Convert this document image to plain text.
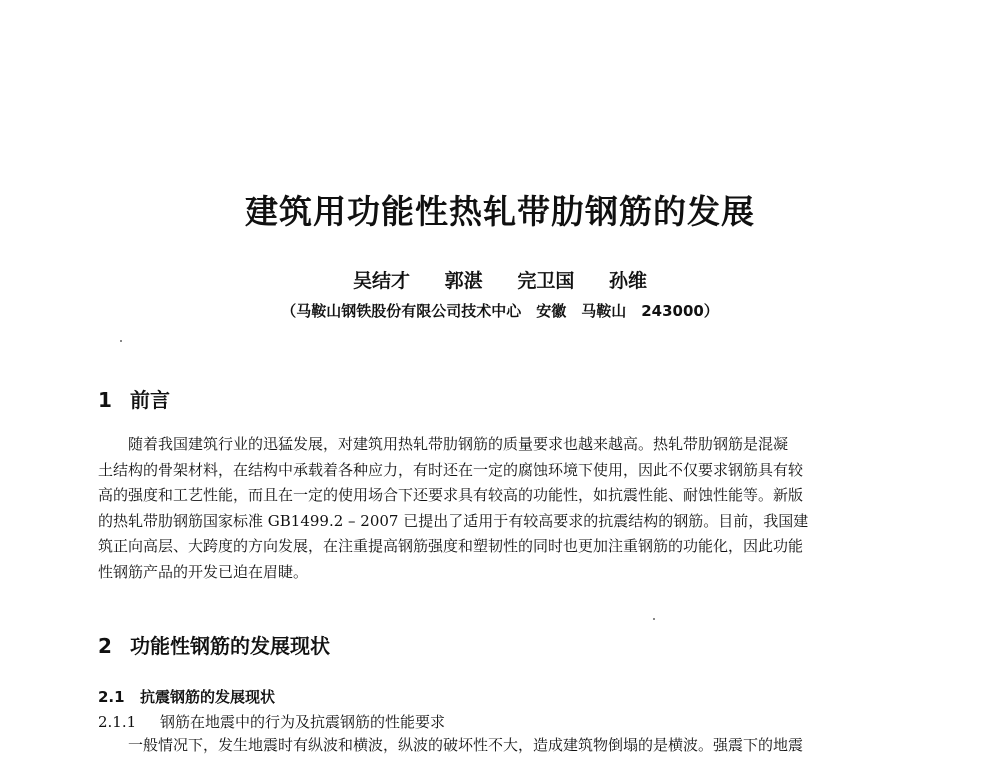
建筑用功能性热轧带肋钢筋的发展
吴结才 郭湛 完卫国 孙维
（马鞍山钢铁股份有限公司技术中心　安徽　马鞍山　243000）
1 前言
随着我国建筑行业的迅猛发展，对建筑用热轧带肋钢筋的质量要求也越来越高。热轧带肋钢筋是混凝
土结构的骨架材料，在结构中承载着各种应力，有时还在一定的腐蚀环境下使用，因此不仅要求钢筋具有较
高的强度和工艺性能，而且在一定的使用场合下还要求具有较高的功能性，如抗震性能、耐蚀性能等。新版
的热轧带肋钢筋国家标准 GB1499.2 – 2007 已提出了适用于有较高要求的抗震结构的钢筋。目前，我国建
筑正向高层、大跨度的方向发展，在注重提高钢筋强度和塑韧性的同时也更加注重钢筋的功能化，因此功能
性钢筋产品的开发已迫在眉睫。
2 功能性钢筋的发展现状
2.1 抗震钢筋的发展现状
2.1.1 钢筋在地震中的行为及抗震钢筋的性能要求
一般情况下，发生地震时有纵波和横波，纵波的破坏性不大，造成建筑物倒塌的是横波。强震下的地震
